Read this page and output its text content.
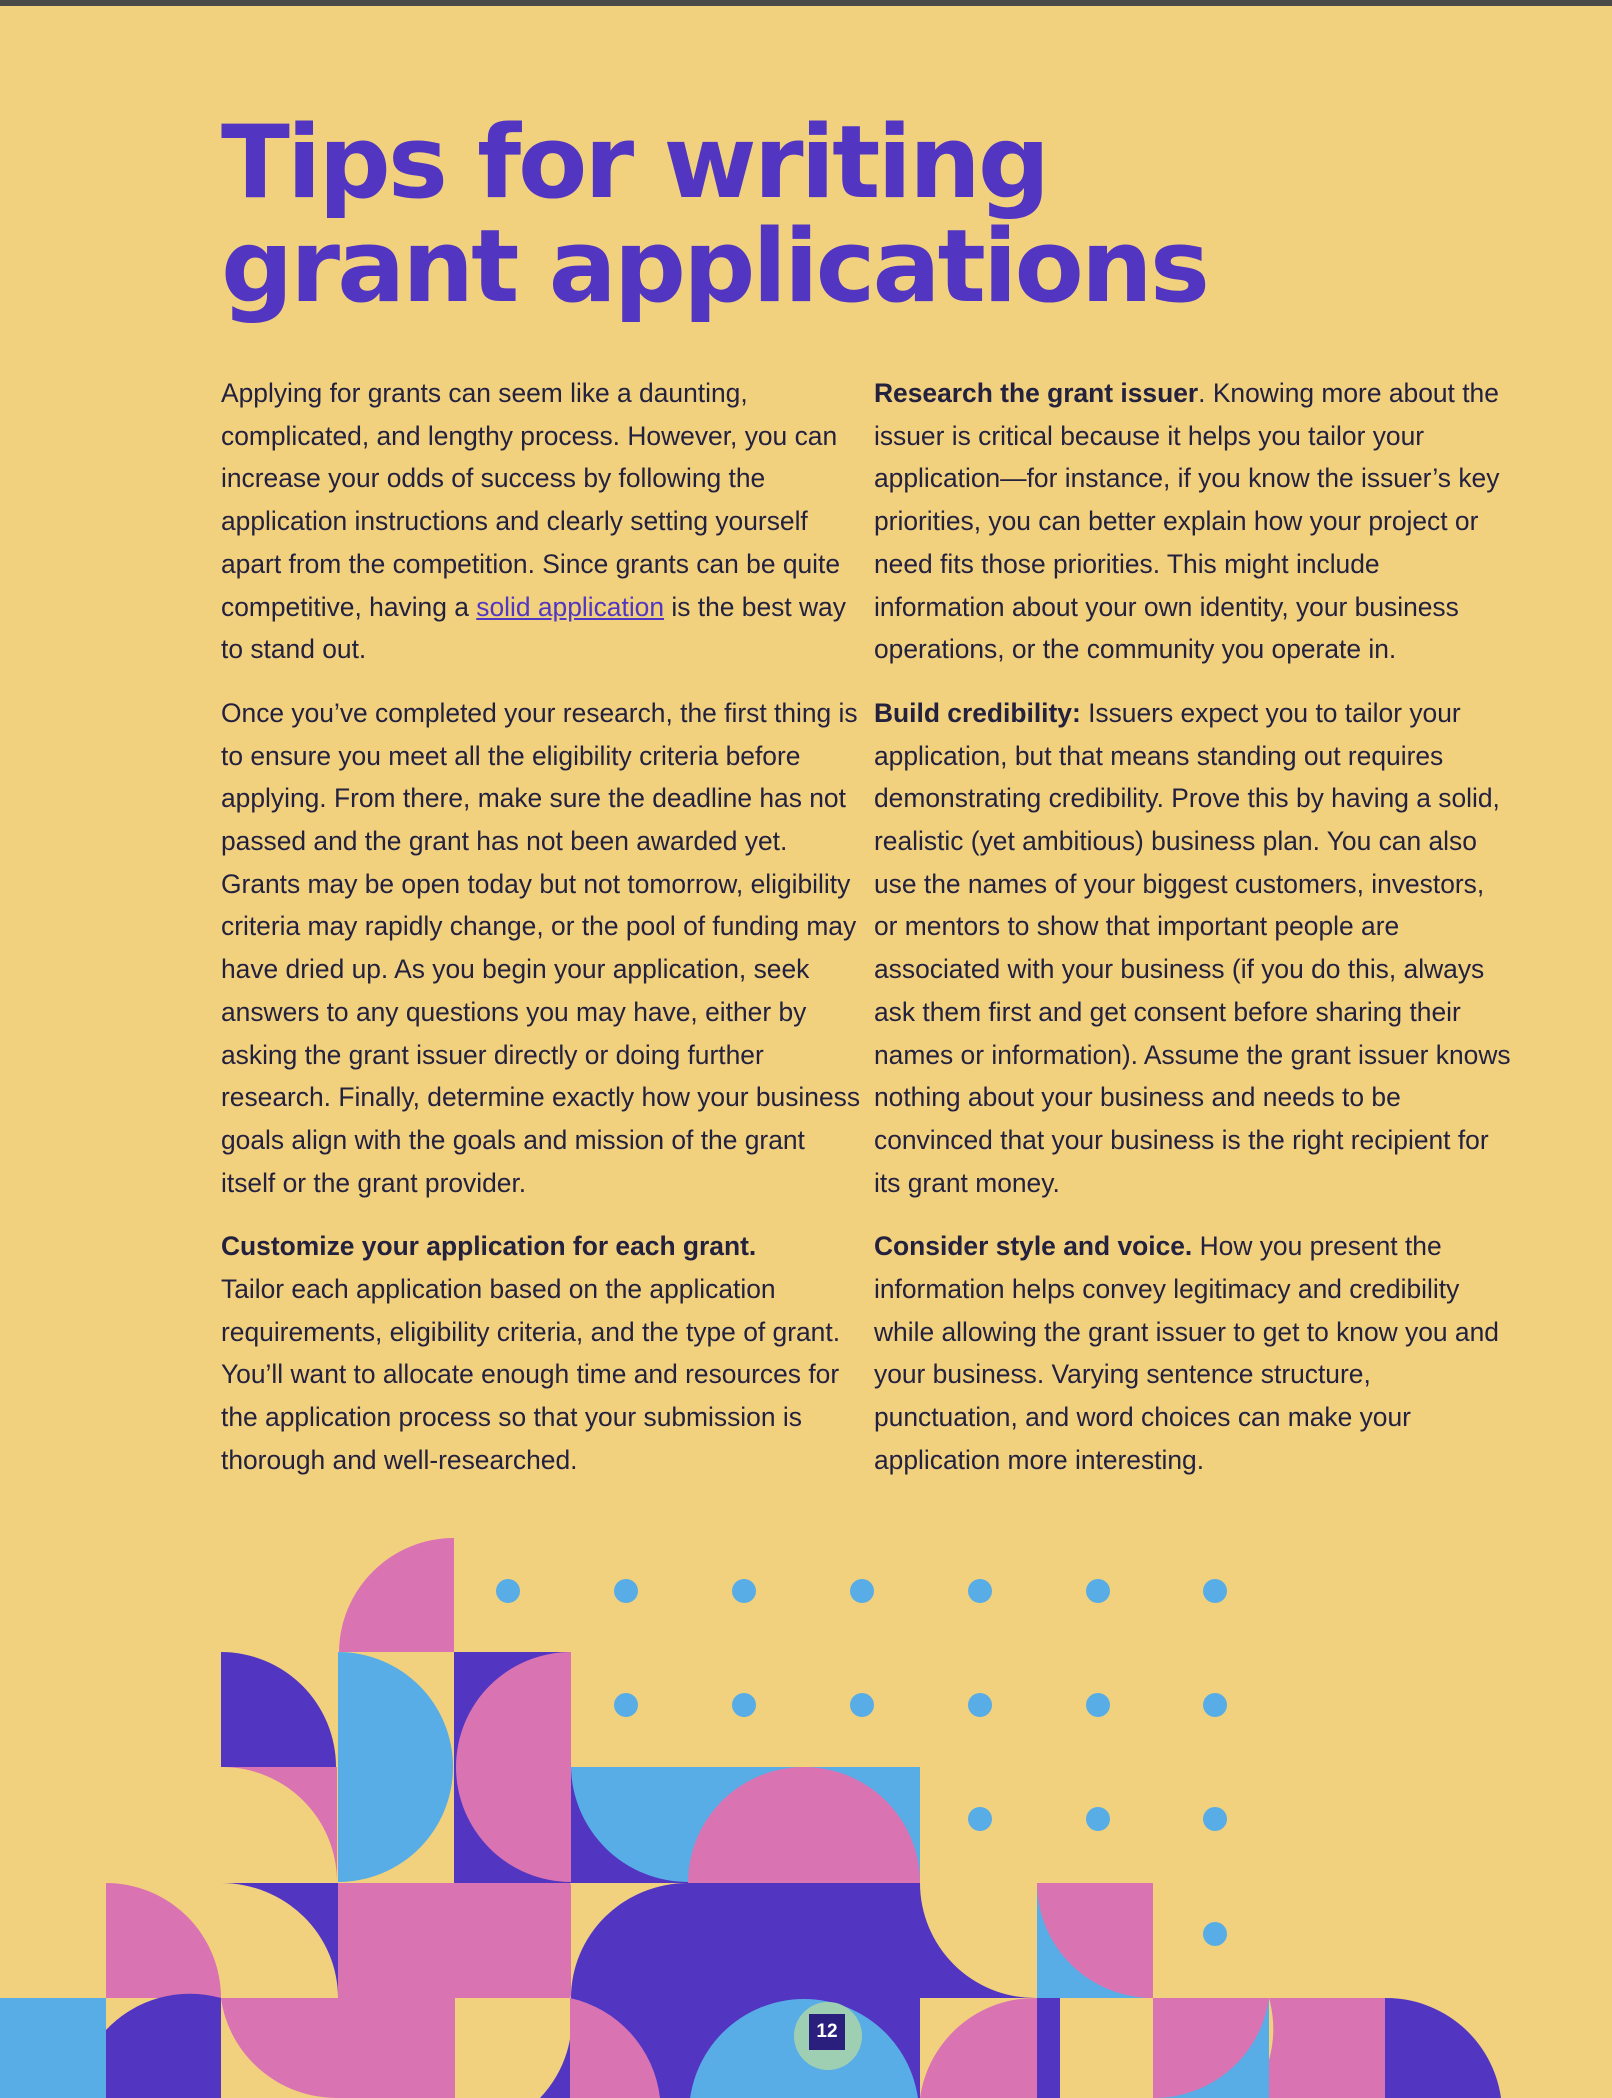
Tips for writing
grant applications

Applying for grants can seem like a daunting, complicated, and lengthy process. However, you can increase your odds of success by following the application instructions and clearly setting yourself apart from the competition. Since grants can be quite competitive, having a solid application is the best way to stand out.

Once you’ve completed your research, the first thing is to ensure you meet all the eligibility criteria before applying. From there, make sure the deadline has not passed and the grant has not been awarded yet. Grants may be open today but not tomorrow, eligibility criteria may rapidly change, or the pool of funding may have dried up. As you begin your application, seek answers to any questions you may have, either by asking the grant issuer directly or doing further research. Finally, determine exactly how your business goals align with the goals and mission of the grant itself or the grant provider.

Customize your application for each grant.
Tailor each application based on the application requirements, eligibility criteria, and the type of grant. You’ll want to allocate enough time and resources for the application process so that your submission is thorough and well-researched.

Research the grant issuer. Knowing more about the issuer is critical because it helps you tailor your application—for instance, if you know the issuer’s key priorities, you can better explain how your project or need fits those priorities. This might include information about your own identity, your business operations, or the community you operate in.

Build credibility: Issuers expect you to tailor your application, but that means standing out requires demonstrating credibility. Prove this by having a solid, realistic (yet ambitious) business plan. You can also use the names of your biggest customers, investors, or mentors to show that important people are associated with your business (if you do this, always ask them first and get consent before sharing their names or information). Assume the grant issuer knows nothing about your business and needs to be convinced that your business is the right recipient for its grant money.

Consider style and voice. How you present the information helps convey legitimacy and credibility while allowing the grant issuer to get to know you and your business. Varying sentence structure, punctuation, and word choices can make your application more interesting.

12
